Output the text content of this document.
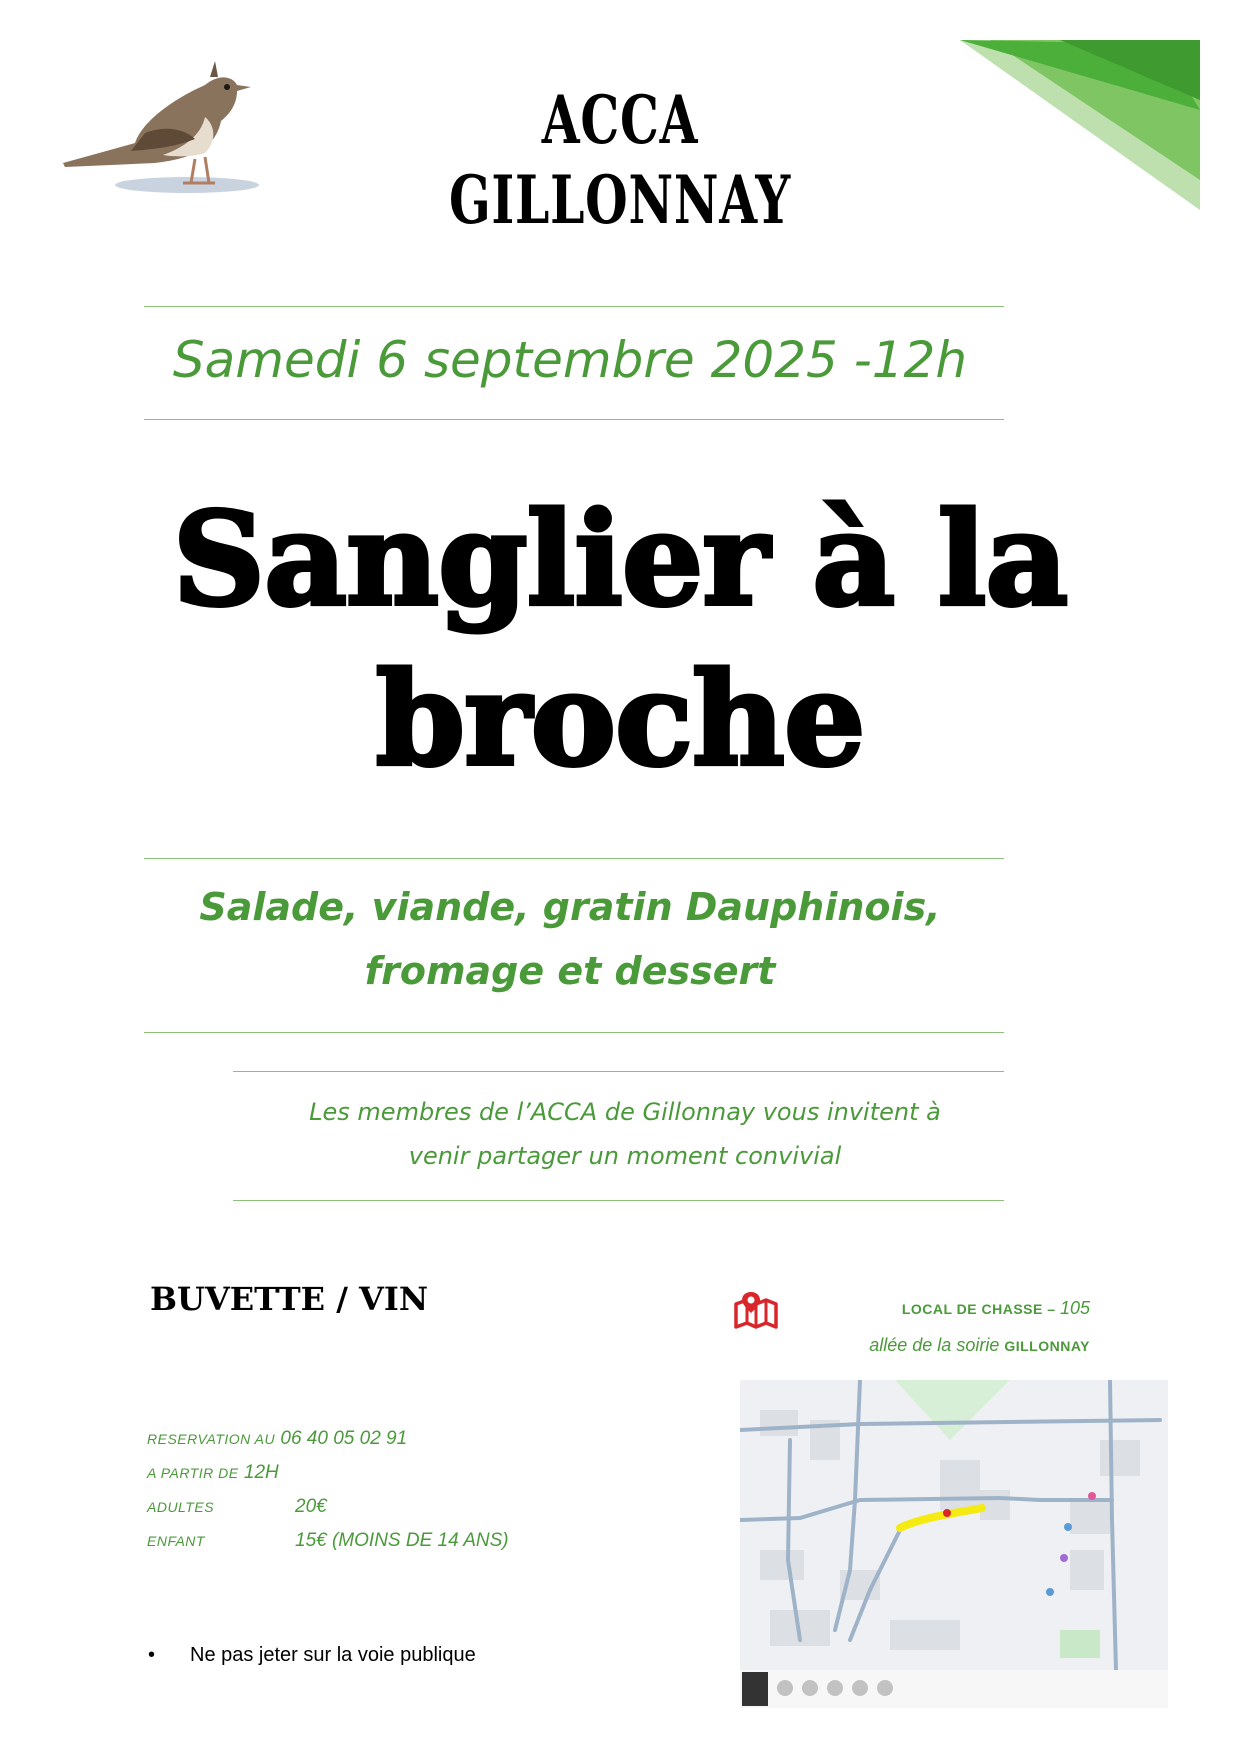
ACCA GILLONNAY
Samedi 6 septembre 2025 -12h
Sanglier à la
broche
Salade, viande, gratin Dauphinois,
fromage et dessert
Les membres de l’ACCA de Gillonnay vous invitent à
venir partager un moment convivial
BUVETTE / VIN	LOCAL DE CHASSE – 105
allée de la soirie GILLONNAY
RESERVATION AU 06 40 05 02 91
A PARTIR DE 12H
ADULTES	20€
ENFANT	15€ (MOINS DE 14 ANS)
• Ne pas jeter sur la voie publique
